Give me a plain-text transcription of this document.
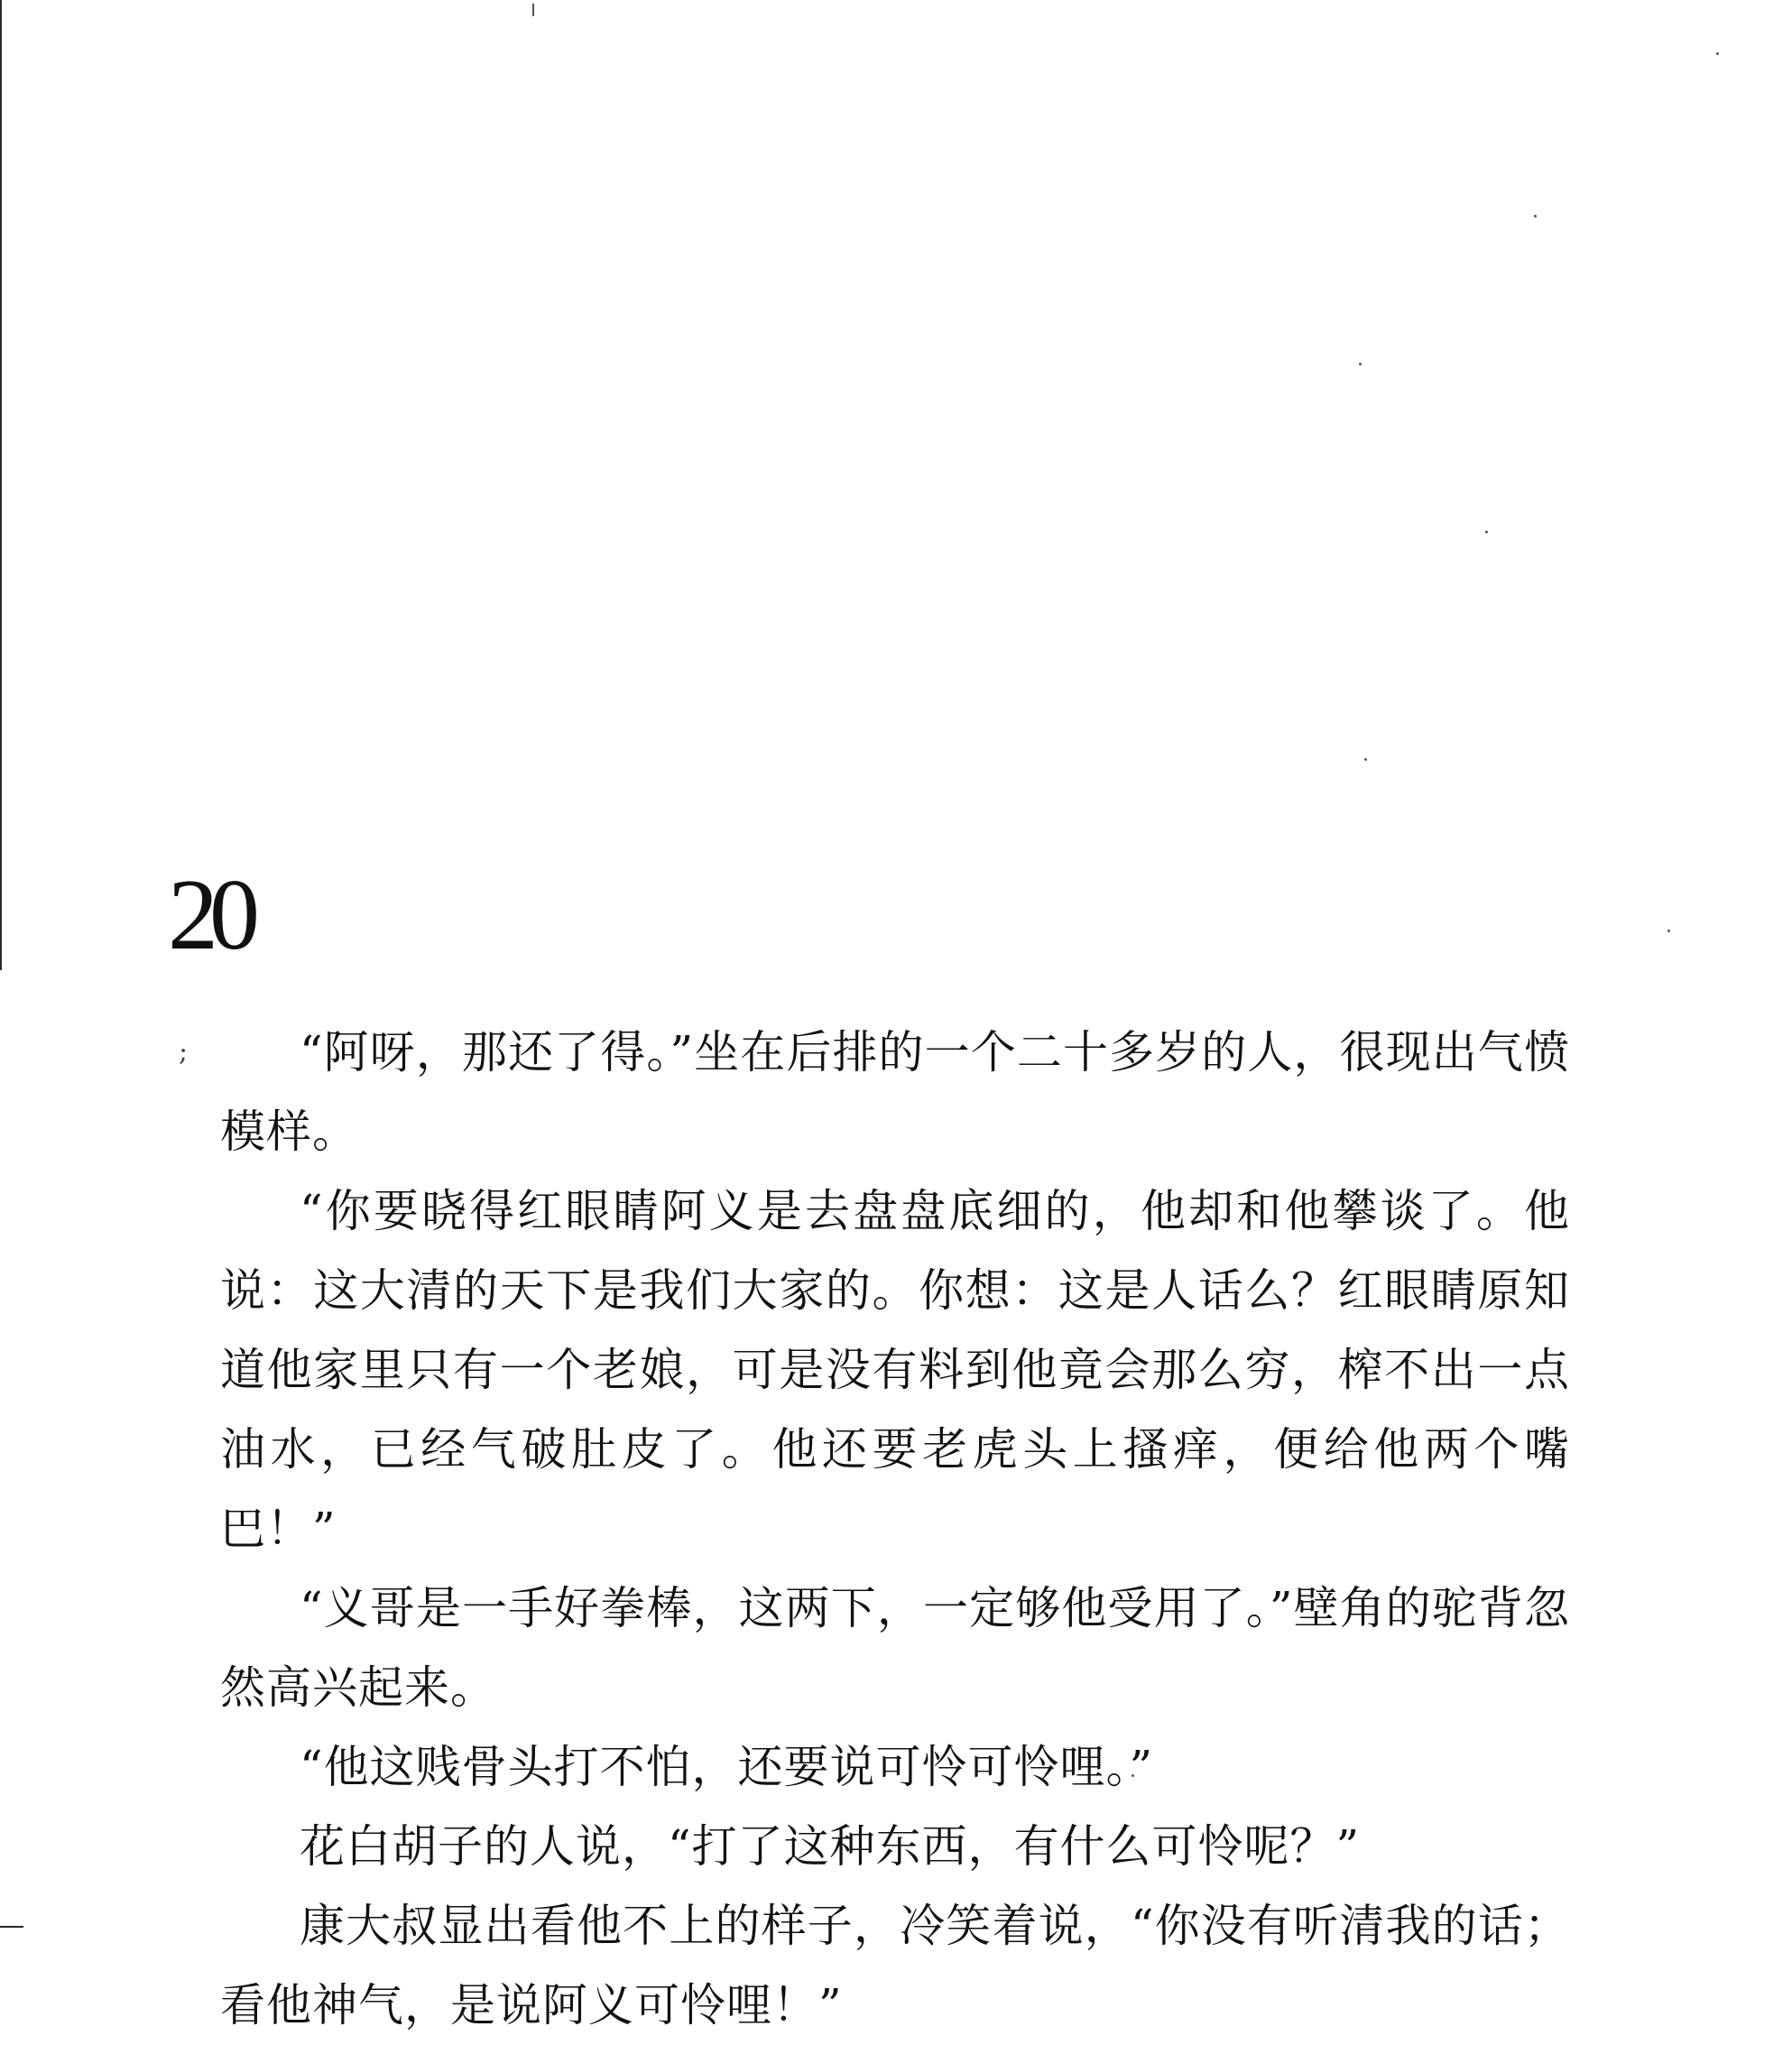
;
20

“阿呀，那还了得。”坐在后排的一个二十多岁的人，很现出气愤模样。

“你要晓得红眼睛阿义是去盘盘底细的，他却和他攀谈了。他说：这大清的天下是我们大家的。你想：这是人话么？红眼睛原知道他家里只有一个老娘，可是没有料到他竟会那么穷，榨不出一点油水，已经气破肚皮了。他还要老虎头上搔痒，便给他两个嘴巴！”

“义哥是一手好拳棒，这两下，一定够他受用了。”壁角的驼背忽然高兴起来。

“他这贱骨头打不怕，还要说可怜可怜哩。”

花白胡子的人说，“打了这种东西，有什么可怜呢？”

康大叔显出看他不上的样子，冷笑着说，“你没有听清我的话；看他神气，是说阿义可怜哩！”
